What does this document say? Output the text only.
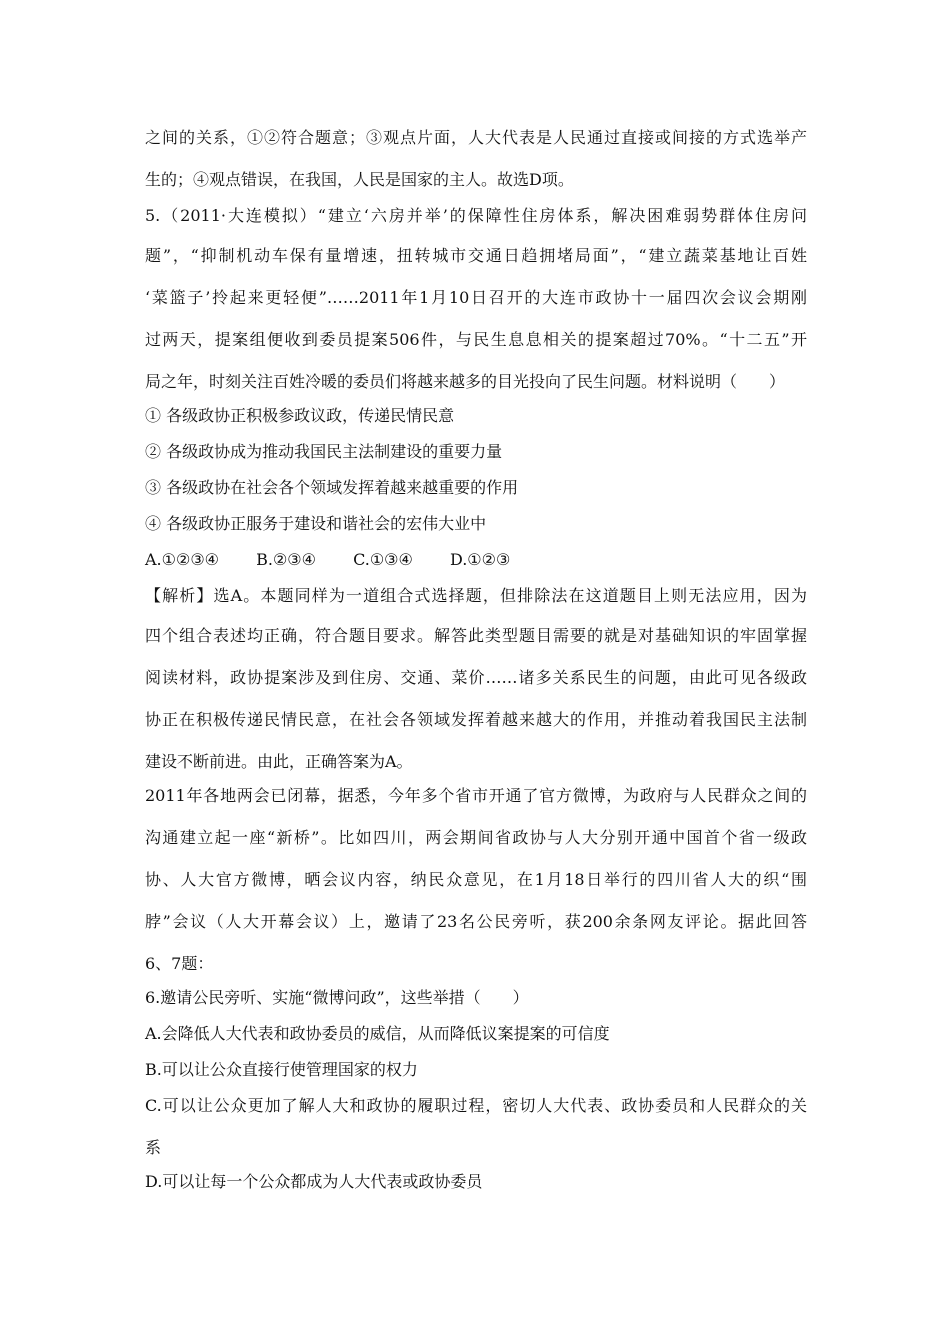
之间的关系，①②符合题意；③观点片面，人大代表是人民通过直接或间接的方式选举产
生的；④观点错误，在我国，人民是国家的主人。故选D项。
5.（2011·大连模拟）“建立‘六房并举’的保障性住房体系，解决困难弱势群体住房问
题”，“抑制机动车保有量增速，扭转城市交通日趋拥堵局面”，“建立蔬菜基地让百姓
‘菜篮子’拎起来更轻便”……2011年1月10日召开的大连市政协十一届四次会议会期刚
过两天，提案组便收到委员提案506件，与民生息息相关的提案超过70%。“十二五”开
局之年，时刻关注百姓冷暖的委员们将越来越多的目光投向了民生问题。材料说明（　　）
① 各级政协正积极参政议政，传递民情民意
② 各级政协成为推动我国民主法制建设的重要力量
③ 各级政协在社会各个领域发挥着越来越重要的作用
④ 各级政协正服务于建设和谐社会的宏伟大业中
A.①②③④　　 B.②③④　　 C.①③④　　 D.①②③
【解析】选A。本题同样为一道组合式选择题，但排除法在这道题目上则无法应用，因为
四个组合表述均正确，符合题目要求。解答此类型题目需要的就是对基础知识的牢固掌握
阅读材料，政协提案涉及到住房、交通、菜价……诸多关系民生的问题，由此可见各级政
协正在积极传递民情民意，在社会各领域发挥着越来越大的作用，并推动着我国民主法制
建设不断前进。由此，正确答案为A。
2011年各地两会已闭幕，据悉，今年多个省市开通了官方微博，为政府与人民群众之间的
沟通建立起一座“新桥”。比如四川，两会期间省政协与人大分别开通中国首个省一级政
协、人大官方微博，晒会议内容，纳民众意见，在1月18日举行的四川省人大的织“围
脖”会议（人大开幕会议）上，邀请了23名公民旁听，获200余条网友评论。据此回答
6、7题：
6.邀请公民旁听、实施“微博问政”，这些举措（　　）
A.会降低人大代表和政协委员的威信，从而降低议案提案的可信度
B.可以让公众直接行使管理国家的权力
C.可以让公众更加了解人大和政协的履职过程，密切人大代表、政协委员和人民群众的关
系
D.可以让每一个公众都成为人大代表或政协委员
